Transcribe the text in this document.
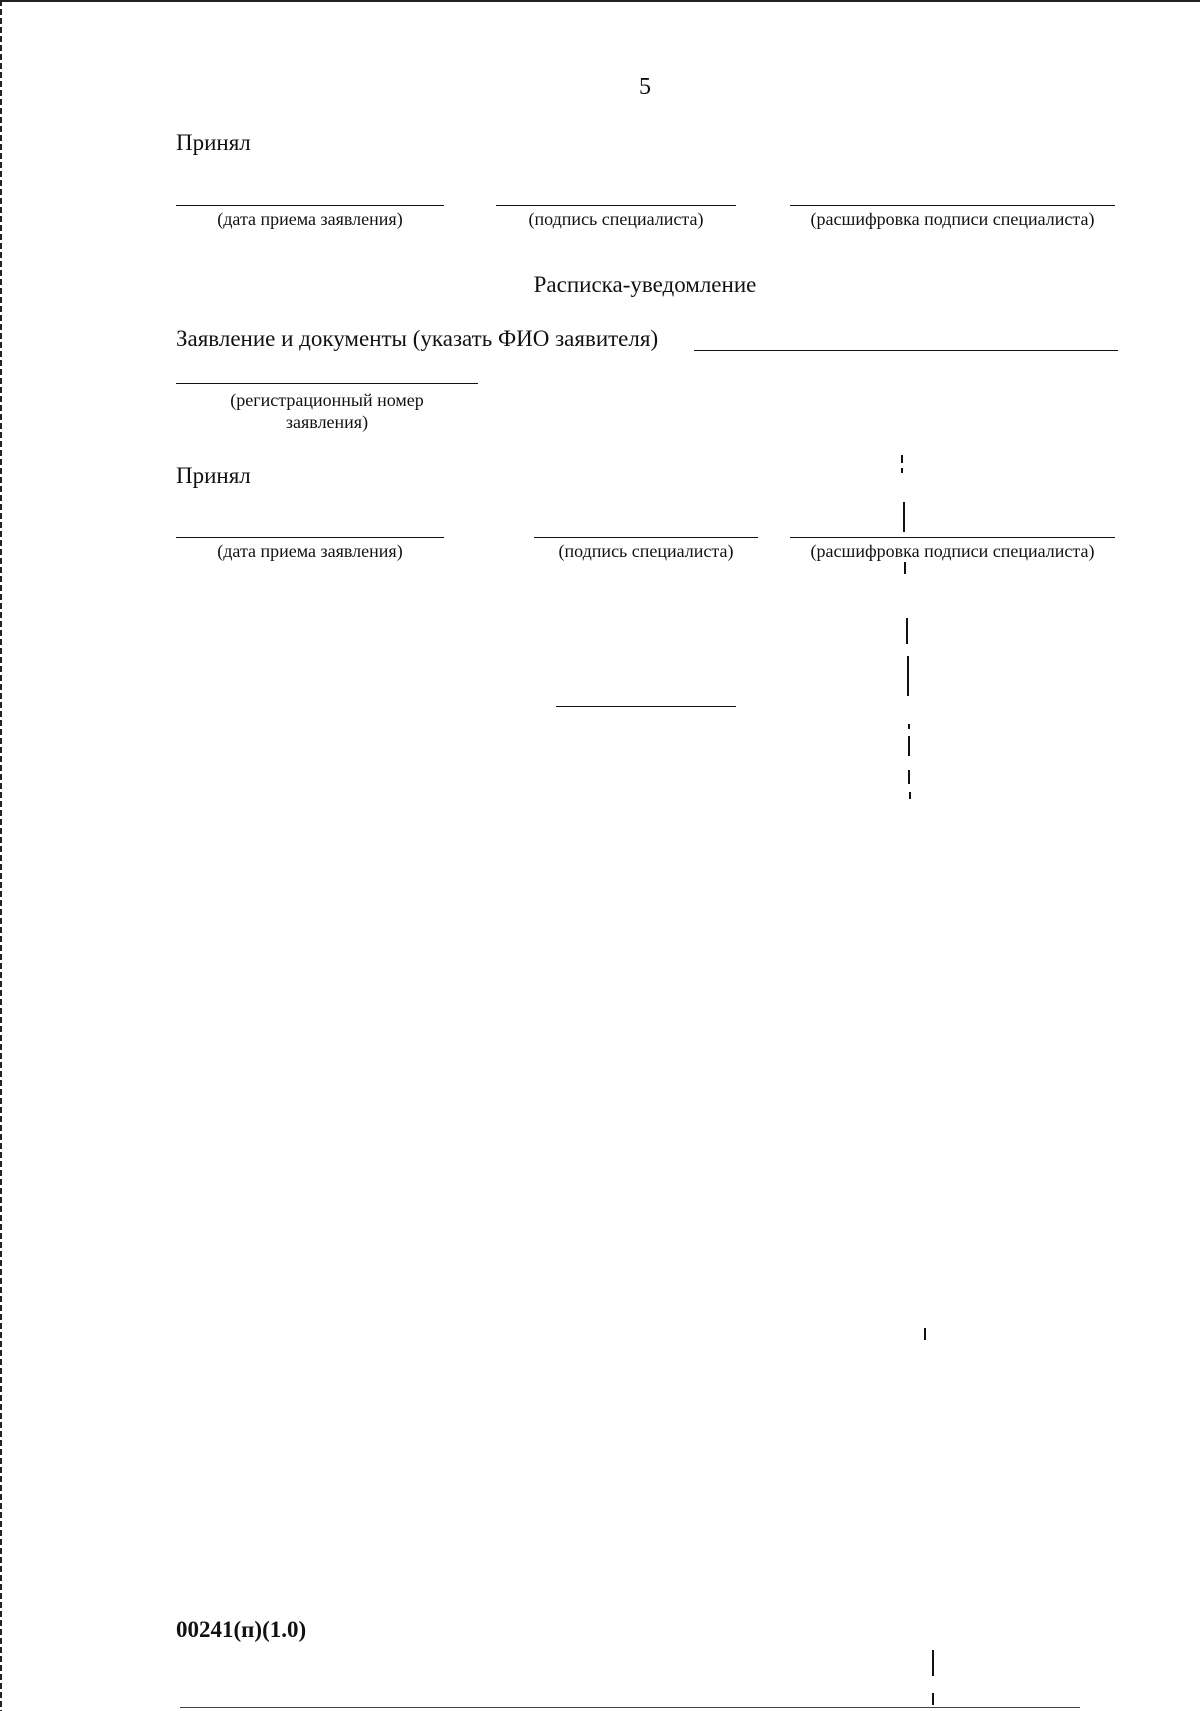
5
Принял
(дата приема заявления)	(подпись специалиста)	(расшифровка подписи специалиста)
Расписка-уведомление
Заявление и документы (указать ФИО заявителя)
(регистрационный номер заявления)
Принял
(дата приема заявления)	(подпись специалиста)	(расшифровка подписи специалиста)
00241(п)(1.0)
